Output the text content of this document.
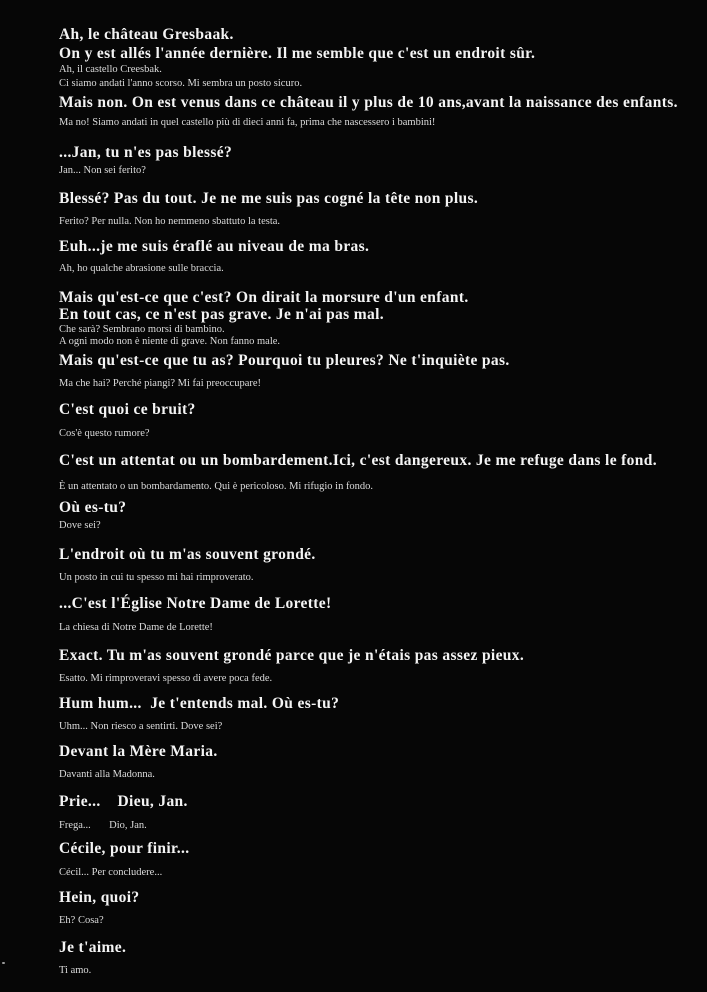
Ah, le château Gresbaak.
On y est allés l'année dernière. Il me semble que c'est un endroit sûr.
Ah, il castello Creesbak.
Ci siamo andati l'anno scorso. Mi sembra un posto sicuro.
Mais non. On est venus dans ce château il y plus de 10 ans,avant la naissance des enfants.
Ma no! Siamo andati in quel castello più di dieci anni fa, prima che nascessero i bambini!
...Jan, tu n'es pas blessé?
Jan... Non sei ferito?
Blessé? Pas du tout. Je ne me suis pas cogné la tête non plus.
Ferito? Per nulla. Non ho nemmeno sbattuto la testa.
Euh...je me suis éraflé au niveau de ma bras.
Ah, ho qualche abrasione sulle braccia.
Mais qu'est-ce que c'est? On dirait la morsure d'un enfant.
En tout cas, ce n'est pas grave. Je n'ai pas mal.
Che sarà? Sembrano morsi di bambino.
A ogni modo non è niente di grave. Non fanno male.
Mais qu'est-ce que tu as? Pourquoi tu pleures? Ne t'inquiète pas.
Ma che hai? Perché piangi? Mi fai preoccupare!
C'est quoi ce bruit?
Cos'è questo rumore?
C'est un attentat ou un bombardement.Ici, c'est dangereux. Je me refuge dans le fond.
È un attentato o un bombardamento. Qui è pericoloso. Mi rifugio in fondo.
Où es-tu?
Dove sei?
L'endroit où tu m'as souvent grondé.
Un posto in cui tu spesso mi hai rimproverato.
...C'est l'Église Notre Dame de Lorette!
La chiesa di Notre Dame de Lorette!
Exact. Tu m'as souvent grondé parce que je n'étais pas assez pieux.
Esatto. Mi rimproveravi spesso di avere poca fede.
Hum hum...  Je t'entends mal. Où es-tu?
Uhm... Non riesco a sentirti. Dove sei?
Devant la Mère Maria.
Davanti alla Madonna.
Prie...    Dieu, Jan.
Frega...       Dio, Jan.
Cécile, pour finir...
Cécil... Per concludere...
Hein, quoi?
Eh? Cosa?
Je t'aime.
Ti amo.
